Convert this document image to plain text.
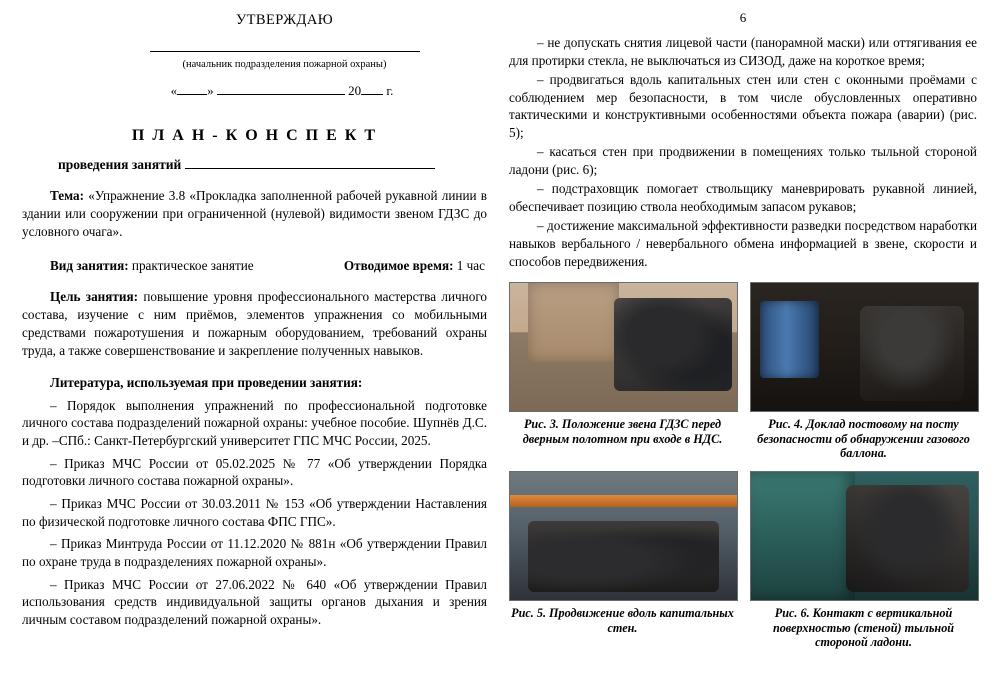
УТВЕРЖДАЮ
(начальник подразделения пожарной охраны)
« »	20 г.
П Л А Н - К О Н С П Е К Т
проведения занятий

Тема: «Упражнение 3.8 «Прокладка заполненной рабочей рукавной линии в здании или сооружении при ограниченной (нулевой) видимости звеном ГДЗС до условного очага».

Вид занятия: практическое занятие	Отводимое время: 1 час

Цель занятия: повышение уровня профессионального мастерства личного состава, изучение с ним приёмов, элементов упражнения со мобильными средствами пожаротушения и пожарным оборудованием, требований охраны труда, а также совершенствование и закрепление полученных навыков.

Литература, используемая при проведении занятия:

– Порядок выполнения упражнений по профессиональной подготовке личного состава подразделений пожарной охраны: учебное пособие. Шупнёв Д.С. и др. –СПб.: Санкт-Петербургский университет ГПС МЧС России, 2025.

– Приказ МЧС России от 05.02.2025 № 77 «Об утверждении Порядка подготовки личного состава пожарной охраны».

– Приказ МЧС России от 30.03.2011 № 153 «Об утверждении Наставления по физической подготовке личного состава ФПС ГПС».

– Приказ Минтруда России от 11.12.2020 № 881н «Об утверждении Правил по охране труда в подразделениях пожарной охраны».

– Приказ МЧС России от 27.06.2022 № 640 «Об утверждении Правил использования средств индивидуальной защиты органов дыхания и зрения личным составом подразделений пожарной охраны».

6

– не допускать снятия лицевой части (панорамной маски) или оттягивания ее для протирки стекла, не выключаться из СИЗОД, даже на короткое время;

– продвигаться вдоль капитальных стен или стен с оконными проёмами с соблюдением мер безопасности, в том числе обусловленных оперативно тактическими и конструктивными особенностями объекта пожара (аварии) (рис. 5);

– касаться стен при продвижении в помещениях только тыльной стороной ладони (рис. 6);

– подстраховщик помогает ствольщику маневрировать рукавной линией, обеспечивает позицию ствола необходимым запасом рукавов;

– достижение максимальной эффективности разведки посредством наработки навыков вербального / невербального обмена информацией в звене, скорости и способов передвижения.

Рис. 3. Положение звена ГДЗС перед дверным полотном при входе в НДС.
Рис. 4. Доклад постовому на посту безопасности об обнаружении газового баллона.
Рис. 5. Продвижение вдоль капитальных стен.
Рис. 6. Контакт с вертикальной поверхностью (стеной) тыльной стороной ладони.
